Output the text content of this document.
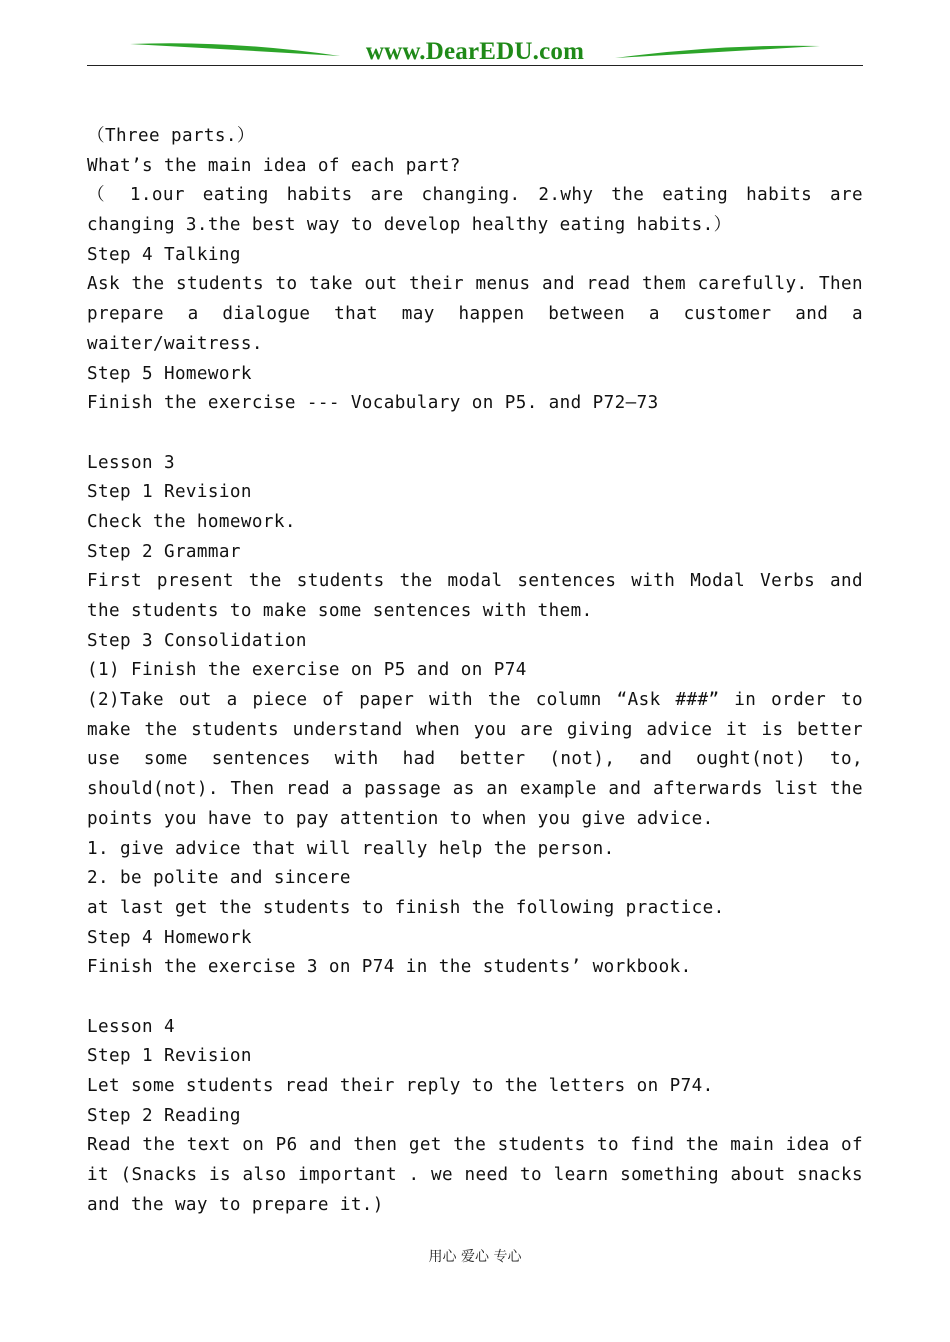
www.DearEDU.com
（Three parts.）
What’s the main idea of each part?
（ 1.our eating habits are changing. 2.why the eating habits are
changing 3.the best way to develop healthy eating habits.）
Step 4 Talking
Ask the students to take out their menus and read them carefully. Then
prepare a dialogue that may happen between a customer and a
waiter/waitress.
Step 5 Homework
Finish the exercise --- Vocabulary on P5. and P72—73
Lesson 3
Step 1 Revision
Check the homework.
Step 2 Grammar
First present the students the modal sentences with Modal Verbs and
the students to make some sentences with them.
Step 3 Consolidation
(1) Finish the exercise on P5 and on P74
(2)Take out a piece of paper with the column “Ask ###” in order to
make the students understand when you are giving advice it is better
use some sentences with had better (not), and ought(not) to,
should(not). Then read a passage as an example and afterwards list the
points you have to pay attention to when you give advice.
1. give advice that will really help the person.
2. be polite and sincere
at last get the students to finish the following practice.
Step 4 Homework
Finish the exercise 3 on P74 in the students’ workbook.
Lesson 4
Step 1 Revision
Let some students read their reply to the letters on P74.
Step 2 Reading
Read the text on P6 and then get the students to find the main idea of
it (Snacks is also important . we need to learn something about snacks
and the way to prepare it.)
用心 爱心 专心
